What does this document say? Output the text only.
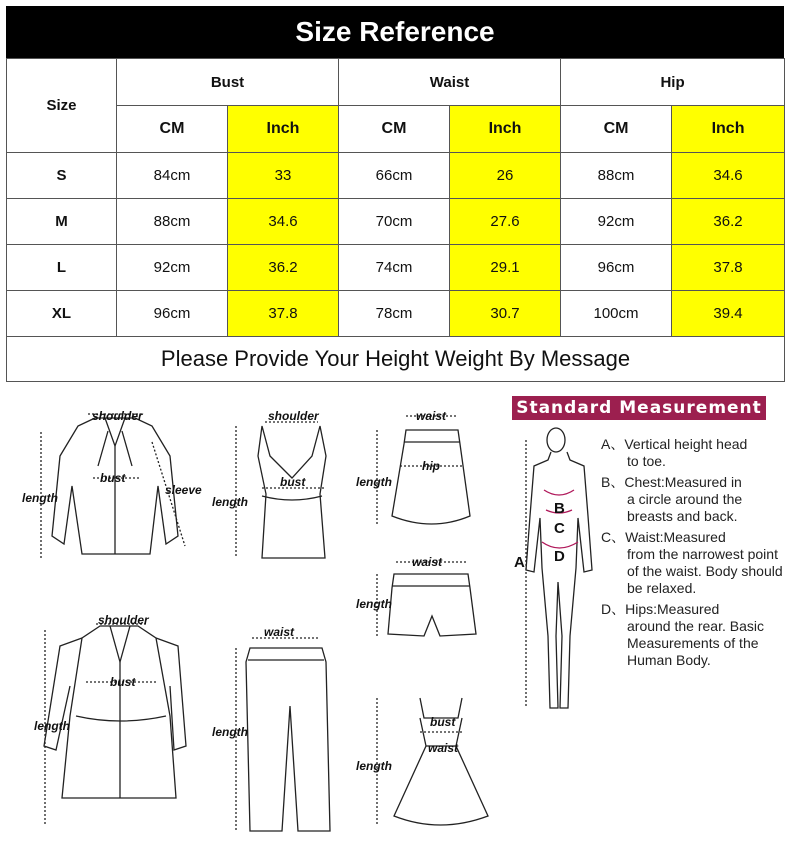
Size Reference
Size	Bust		Waist		Hip	
	CM	Inch	CM	Inch	CM	Inch
S	84cm	33	66cm	26	88cm	34.6
M	88cm	34.6	70cm	27.6	92cm	36.2
L	92cm	36.2	74cm	29.1	96cm	37.8
XL	96cm	37.8	78cm	30.7	100cm	39.4
Please Provide Your Height Weight By Message						
shoulder
bust
sleeve
length
shoulder
bust
length
waist
hip
length
waist
length
shoulder
bust
length
waist
length
bust
waist
length
A
B
C
D
Standard Measurement
A、Vertical height head
to toe.
B、Chest:Measured in
a circle around the breasts and back.
C、Waist:Measured
from the narrowest point of the waist. Body should be relaxed.
D、Hips:Measured
around the rear. Basic Measurements of the Human Body.
